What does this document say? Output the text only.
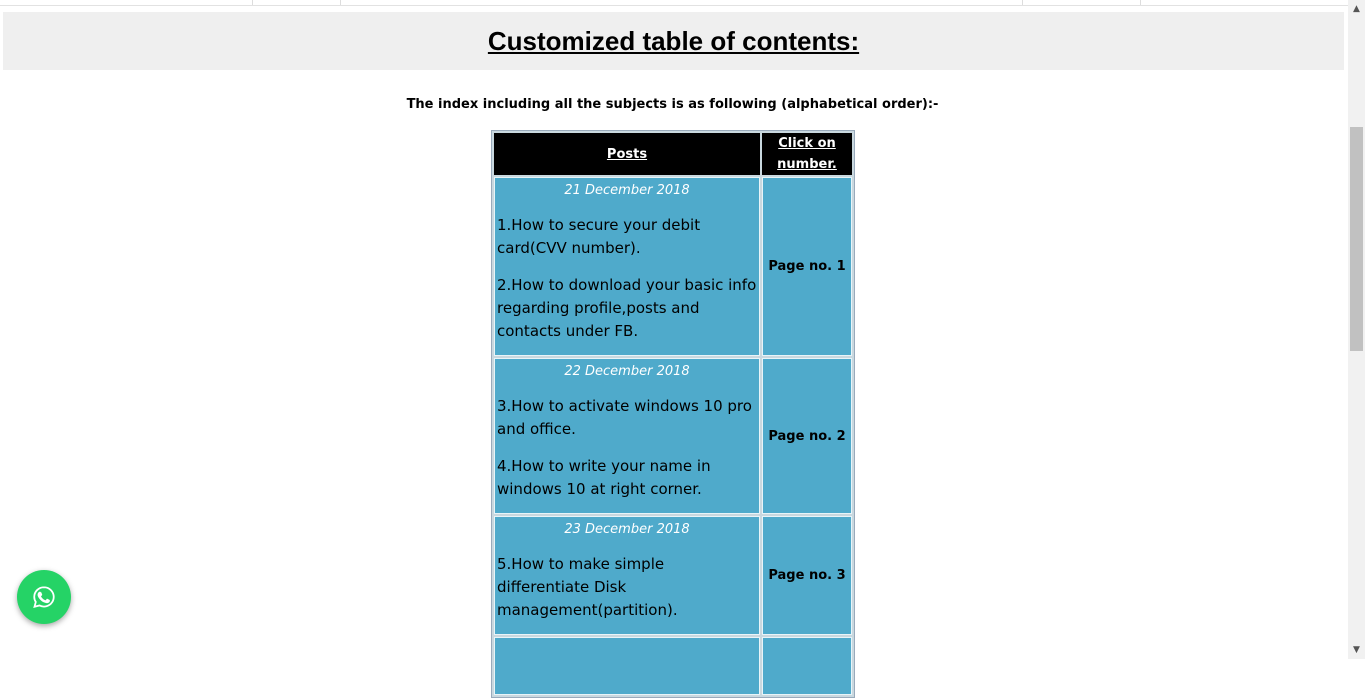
Customized table of contents:
The index including all the subjects is as following (alphabetical order):-
Posts	Click on number.

21 December 2018
1.How to secure your debit card(CVV number).
2.How to download your basic info regarding profile,posts and contacts under FB.	Page no. 1

22 December 2018
3.How to activate windows 10 pro and office.
4.How to write your name in windows 10 at right corner.	Page no. 2

23 December 2018
5.How to make simple differentiate Disk management(partition).	Page no. 3

▲
▼
